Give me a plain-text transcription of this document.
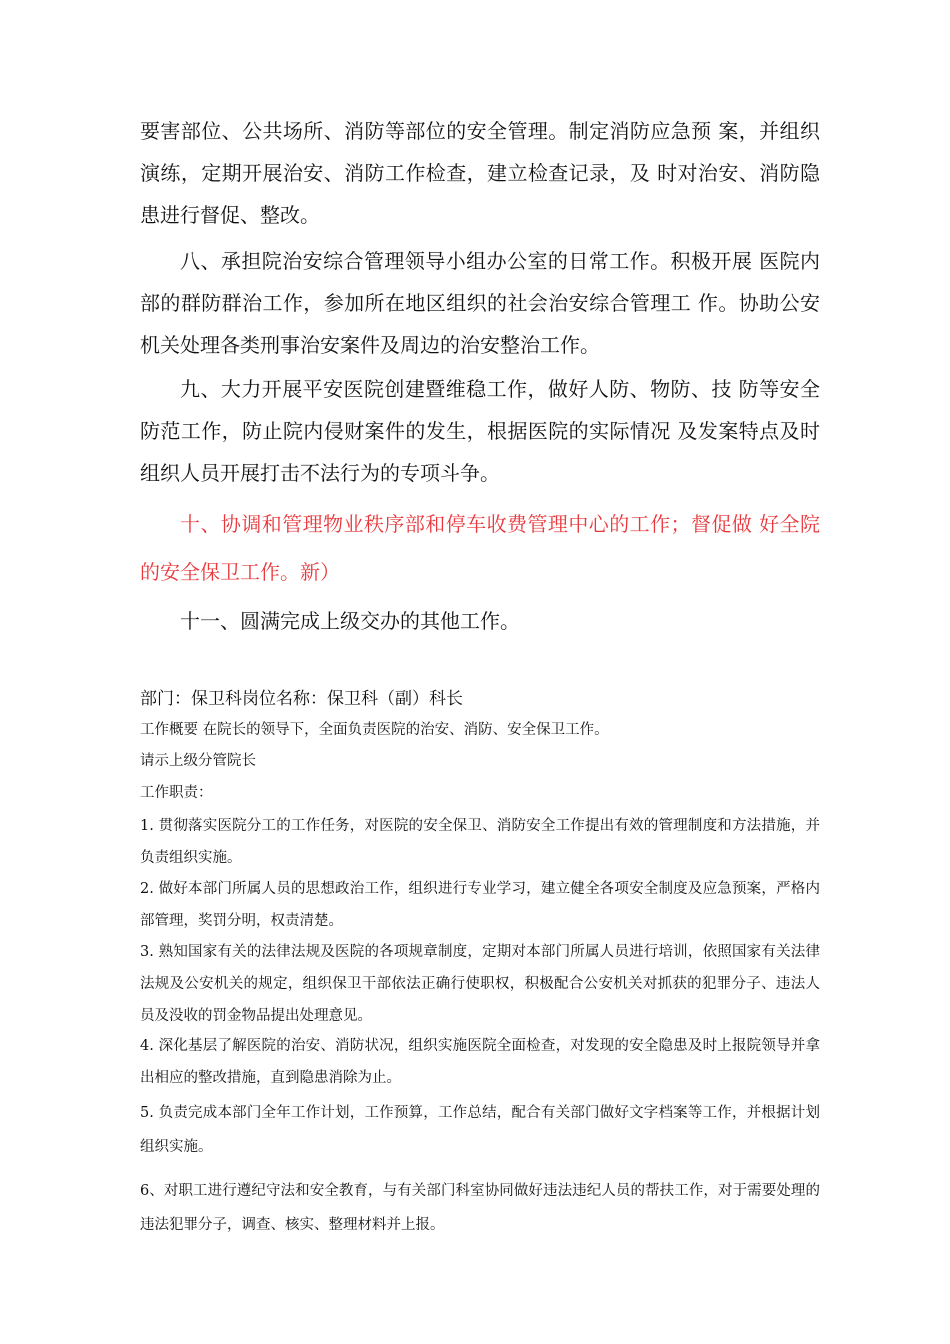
要害部位、公共场所、消防等部位的安全管理。制定消防应急预 案，并组织演练，定期开展治安、消防工作检查，建立检查记录，及 时对治安、消防隐患进行督促、整改。

八、承担院治安综合管理领导小组办公室的日常工作。积极开展 医院内部的群防群治工作，参加所在地区组织的社会治安综合管理工 作。协助公安机关处理各类刑事治安案件及周边的治安整治工作。

九、大力开展平安医院创建暨维稳工作，做好人防、物防、技 防等安全防范工作，防止院内侵财案件的发生，根据医院的实际情况 及发案特点及时组织人员开展打击不法行为的专项斗争。

十、协调和管理物业秩序部和停车收费管理中心的工作；督促做 好全院的安全保卫工作。新）

十一、圆满完成上级交办的其他工作。

部门：保卫科岗位名称：保卫科（副）科长

工作概要 在院长的领导下，全面负责医院的治安、消防、安全保卫工作。

请示上级分管院长

工作职责：

1. 贯彻落实医院分工的工作任务，对医院的安全保卫、消防安全工作提出有效的管理制度和方法措施，并负责组织实施。

2. 做好本部门所属人员的思想政治工作，组织进行专业学习，建立健全各项安全制度及应急预案，严格内部管理，奖罚分明，权责清楚。

3. 熟知国家有关的法律法规及医院的各项规章制度，定期对本部门所属人员进行培训，依照国家有关法律法规及公安机关的规定，组织保卫干部依法正确行使职权，积极配合公安机关对抓获的犯罪分子、违法人员及没收的罚金物品提出处理意见。

4. 深化基层了解医院的治安、消防状况，组织实施医院全面检查，对发现的安全隐患及时上报院领导并拿出相应的整改措施，直到隐患消除为止。

5. 负责完成本部门全年工作计划，工作预算，工作总结，配合有关部门做好文字档案等工作，并根据计划组织实施。

6、对职工进行遵纪守法和安全教育，与有关部门科室协同做好违法违纪人员的帮扶工作，对于需要处理的违法犯罪分子，调查、核实、整理材料并上报。
